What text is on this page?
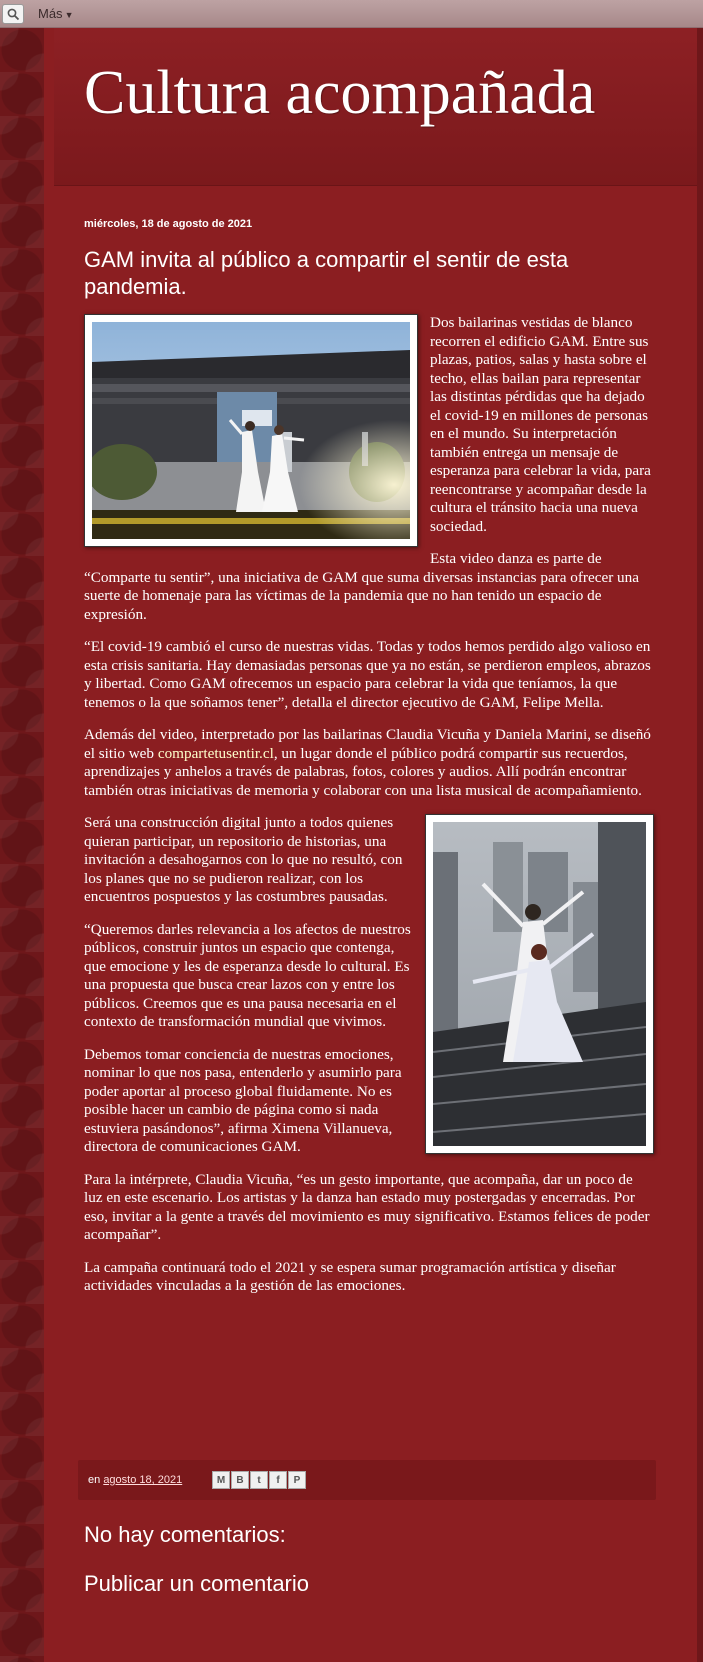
Más ▼
Cultura acompañada
miércoles, 18 de agosto de 2021
GAM invita al público a compartir el sentir de esta pandemia.

Dos bailarinas vestidas de blanco recorren el edificio GAM. Entre sus plazas, patios, salas y hasta sobre el techo, ellas bailan para representar las distintas pérdidas que ha dejado el covid-19 en millones de personas en el mundo. Su interpretación también entrega un mensaje de esperanza para celebrar la vida, para reencontrarse y acompañar desde la cultura el tránsito hacia una nueva sociedad.

Esta video danza es parte de “Comparte tu sentir”, una iniciativa de GAM que suma diversas instancias para ofrecer una suerte de homenaje para las víctimas de la pandemia que no han tenido un espacio de expresión.

“El covid-19 cambió el curso de nuestras vidas. Todas y todos hemos perdido algo valioso en esta crisis sanitaria. Hay demasiadas personas que ya no están, se perdieron empleos, abrazos y libertad. Como GAM ofrecemos un espacio para celebrar la vida que teníamos, la que tenemos o la que soñamos tener”, detalla el director ejecutivo de GAM, Felipe Mella.

Además del video, interpretado por las bailarinas Claudia Vicuña y Daniela Marini, se diseñó el sitio web compartetusentir.cl, un lugar donde el público podrá compartir sus recuerdos, aprendizajes y anhelos a través de palabras, fotos, colores y audios. Allí podrán encontrar también otras iniciativas de memoria y colaborar con una lista musical de acompañamiento.

Será una construcción digital junto a todos quienes quieran participar, un repositorio de historias, una invitación a desahogarnos con lo que no resultó, con los planes que no se pudieron realizar, con los encuentros pospuestos y las costumbres pausadas.

“Queremos darles relevancia a los afectos de nuestros públicos, construir juntos un espacio que contenga, que emocione y les de esperanza desde lo cultural. Es una propuesta que busca crear lazos con y entre los públicos. Creemos que es una pausa necesaria en el contexto de transformación mundial que vivimos.

Debemos tomar conciencia de nuestras emociones, nominar lo que nos pasa, entenderlo y asumirlo para poder aportar al proceso global fluidamente. No es posible hacer un cambio de página como si nada estuviera pasándonos”, afirma Ximena Villanueva, directora de comunicaciones GAM.

Para la intérprete, Claudia Vicuña, “es un gesto importante, que acompaña, dar un poco de luz en este escenario. Los artistas y la danza han estado muy postergadas y encerradas. Por eso, invitar a la gente a través del movimiento es muy significativo. Estamos felices de poder acompañar”.

La campaña continuará todo el 2021 y se espera sumar programación artística y diseñar actividades vinculadas a la gestión de las emociones.

en agosto 18, 2021	M	B	t	f	P
No hay comentarios:
Publicar un comentario
